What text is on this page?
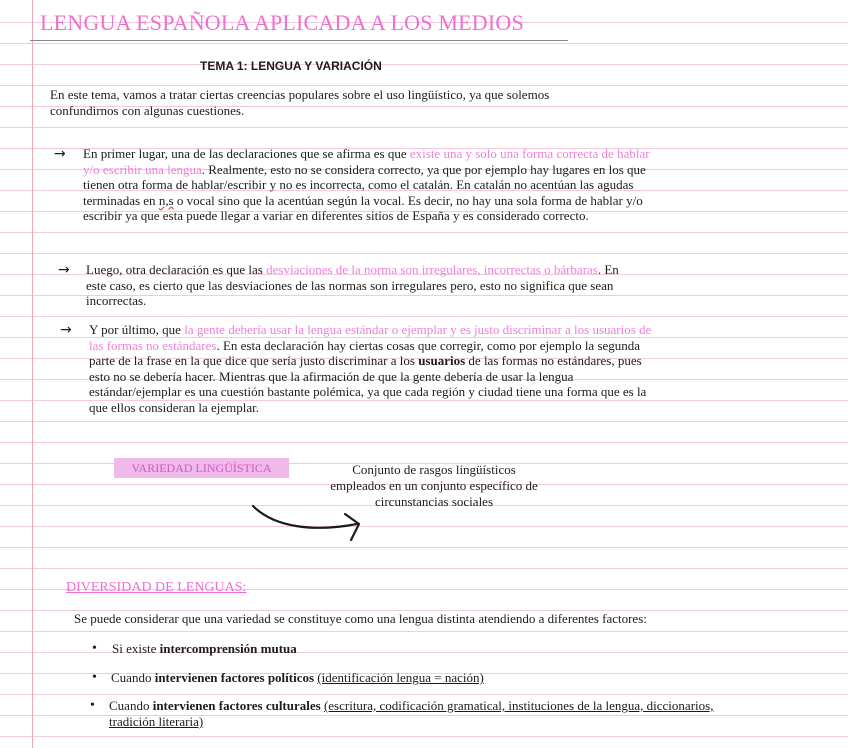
LENGUA ESPAÑOLA APLICADA A LOS MEDIOS
TEMA 1: LENGUA Y VARIACIÓN
En este tema, vamos a tratar ciertas creencias populares sobre el uso lingüístico, ya que solemos
confundirnos con algunas cuestiones.
→ En primer lugar, una de las declaraciones que se afirma es que existe una y solo una forma correcta de hablar y/o escribir una lengua. Realmente, esto no se considera correcto, ya que por ejemplo hay lugares en los que tienen otra forma de hablar/escribir y no es incorrecta, como el catalán. En catalán no acentúan las agudas terminadas en n,s o vocal sino que la acentúan según la vocal. Es decir, no hay una sola forma de hablar y/o escribir ya que esta puede llegar a variar en diferentes sitios de España y es considerado correcto.
→ Luego, otra declaración es que las desviaciones de la norma son irregulares, incorrectas o bárbaras. En este caso, es cierto que las desviaciones de las normas son irregulares pero, esto no significa que sean incorrectas.
→ Y por último, que la gente debería usar la lengua estándar o ejemplar y es justo discriminar a los usuarios de las formas no estándares. En esta declaración hay ciertas cosas que corregir, como por ejemplo la segunda parte de la frase en la que dice que sería justo discriminar a los usuarios de las formas no estándares, pues esto no se debería hacer. Mientras que la afirmación de que la gente debería de usar la lengua estándar/ejemplar es una cuestión bastante polémica, ya que cada región y ciudad tiene una forma que es la que ellos consideran la ejemplar.
VARIEDAD LINGÜÍSTICA	Conjunto de rasgos lingüísticos
empleados en un conjunto específico de
circunstancias sociales
DIVERSIDAD DE LENGUAS:
Se puede considerar que una variedad se constituye como una lengua distinta atendiendo a diferentes factores:
• Si existe intercomprensión mutua
• Cuando intervienen factores políticos (identificación lengua = nación)
• Cuando intervienen factores culturales (escritura, codificación gramatical, instituciones de la lengua, diccionarios, tradición literaria)
